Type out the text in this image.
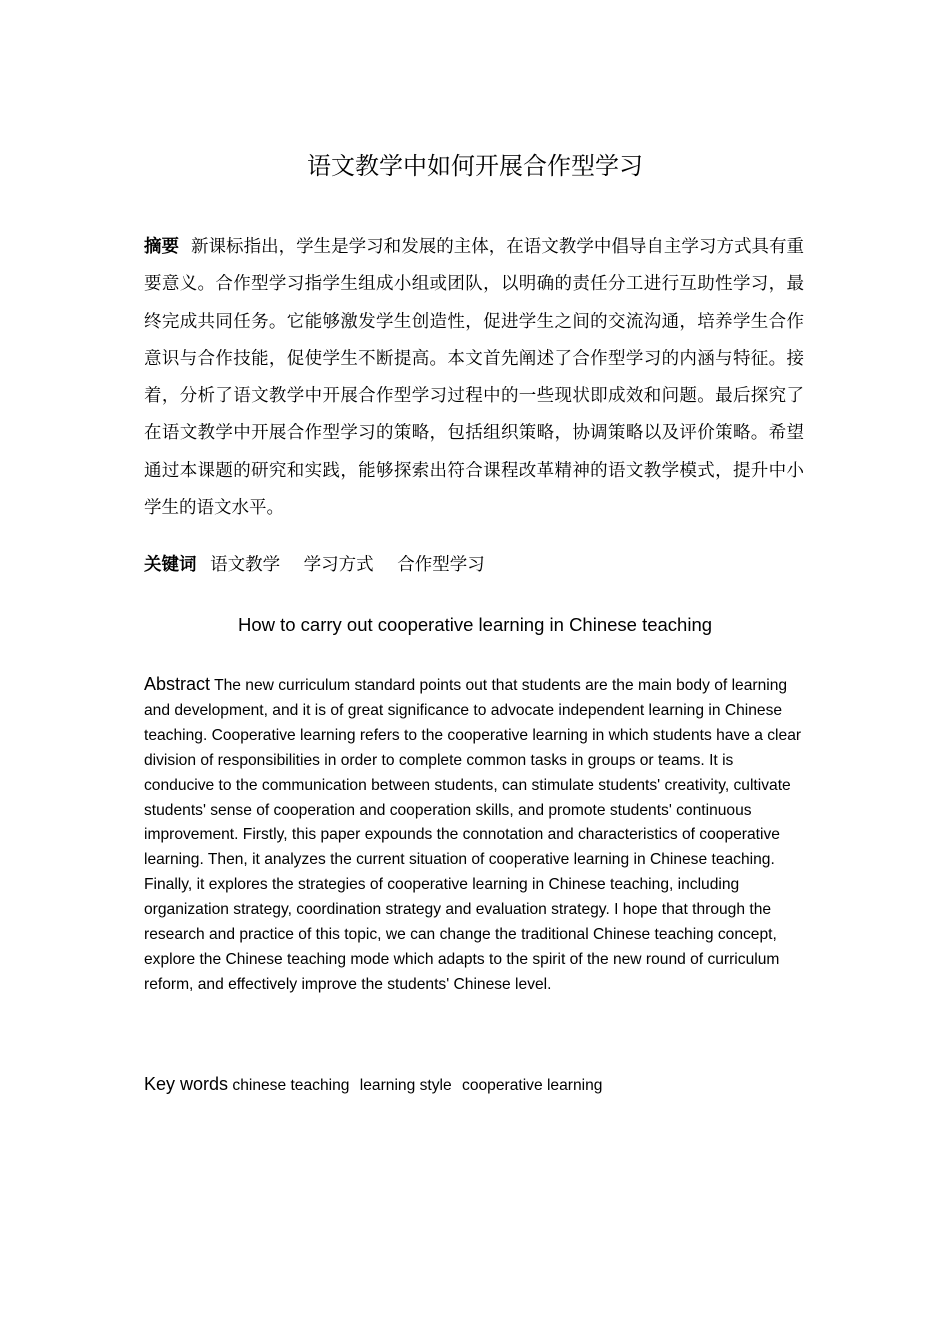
语文教学中如何开展合作型学习
摘要 新课标指出，学生是学习和发展的主体，在语文教学中倡导自主学习方式具有重要意义。合作型学习指学生组成小组或团队，以明确的责任分工进行互助性学习，最终完成共同任务。它能够激发学生创造性，促进学生之间的交流沟通，培养学生合作意识与合作技能，促使学生不断提高。本文首先阐述了合作型学习的内涵与特征。接着，分析了语文教学中开展合作型学习过程中的一些现状即成效和问题。最后探究了在语文教学中开展合作型学习的策略，包括组织策略，协调策略以及评价策略。希望通过本课题的研究和实践，能够探索出符合课程改革精神的语文教学模式，提升中小学生的语文水平。
关键词 语文教学 学习方式 合作型学习
How to carry out cooperative learning in Chinese teaching
Abstract The new curriculum standard points out that students are the main body of learning and development, and it is of great significance to advocate independent learning in Chinese teaching. Cooperative learning refers to the cooperative learning in which students have a clear division of responsibilities in order to complete common tasks in groups or teams. It is conducive to the communication between students, can stimulate students' creativity, cultivate students' sense of cooperation and cooperation skills, and promote students' continuous improvement. Firstly, this paper expounds the connotation and characteristics of cooperative learning. Then, it analyzes the current situation of cooperative learning in Chinese teaching. Finally, it explores the strategies of cooperative learning in Chinese teaching, including organization strategy, coordination strategy and evaluation strategy. I hope that through the research and practice of this topic, we can change the traditional Chinese teaching concept, explore the Chinese teaching mode which adapts to the spirit of the new round of curriculum reform, and effectively improve the students' Chinese level.
Key words chinese teaching learning style cooperative learning
